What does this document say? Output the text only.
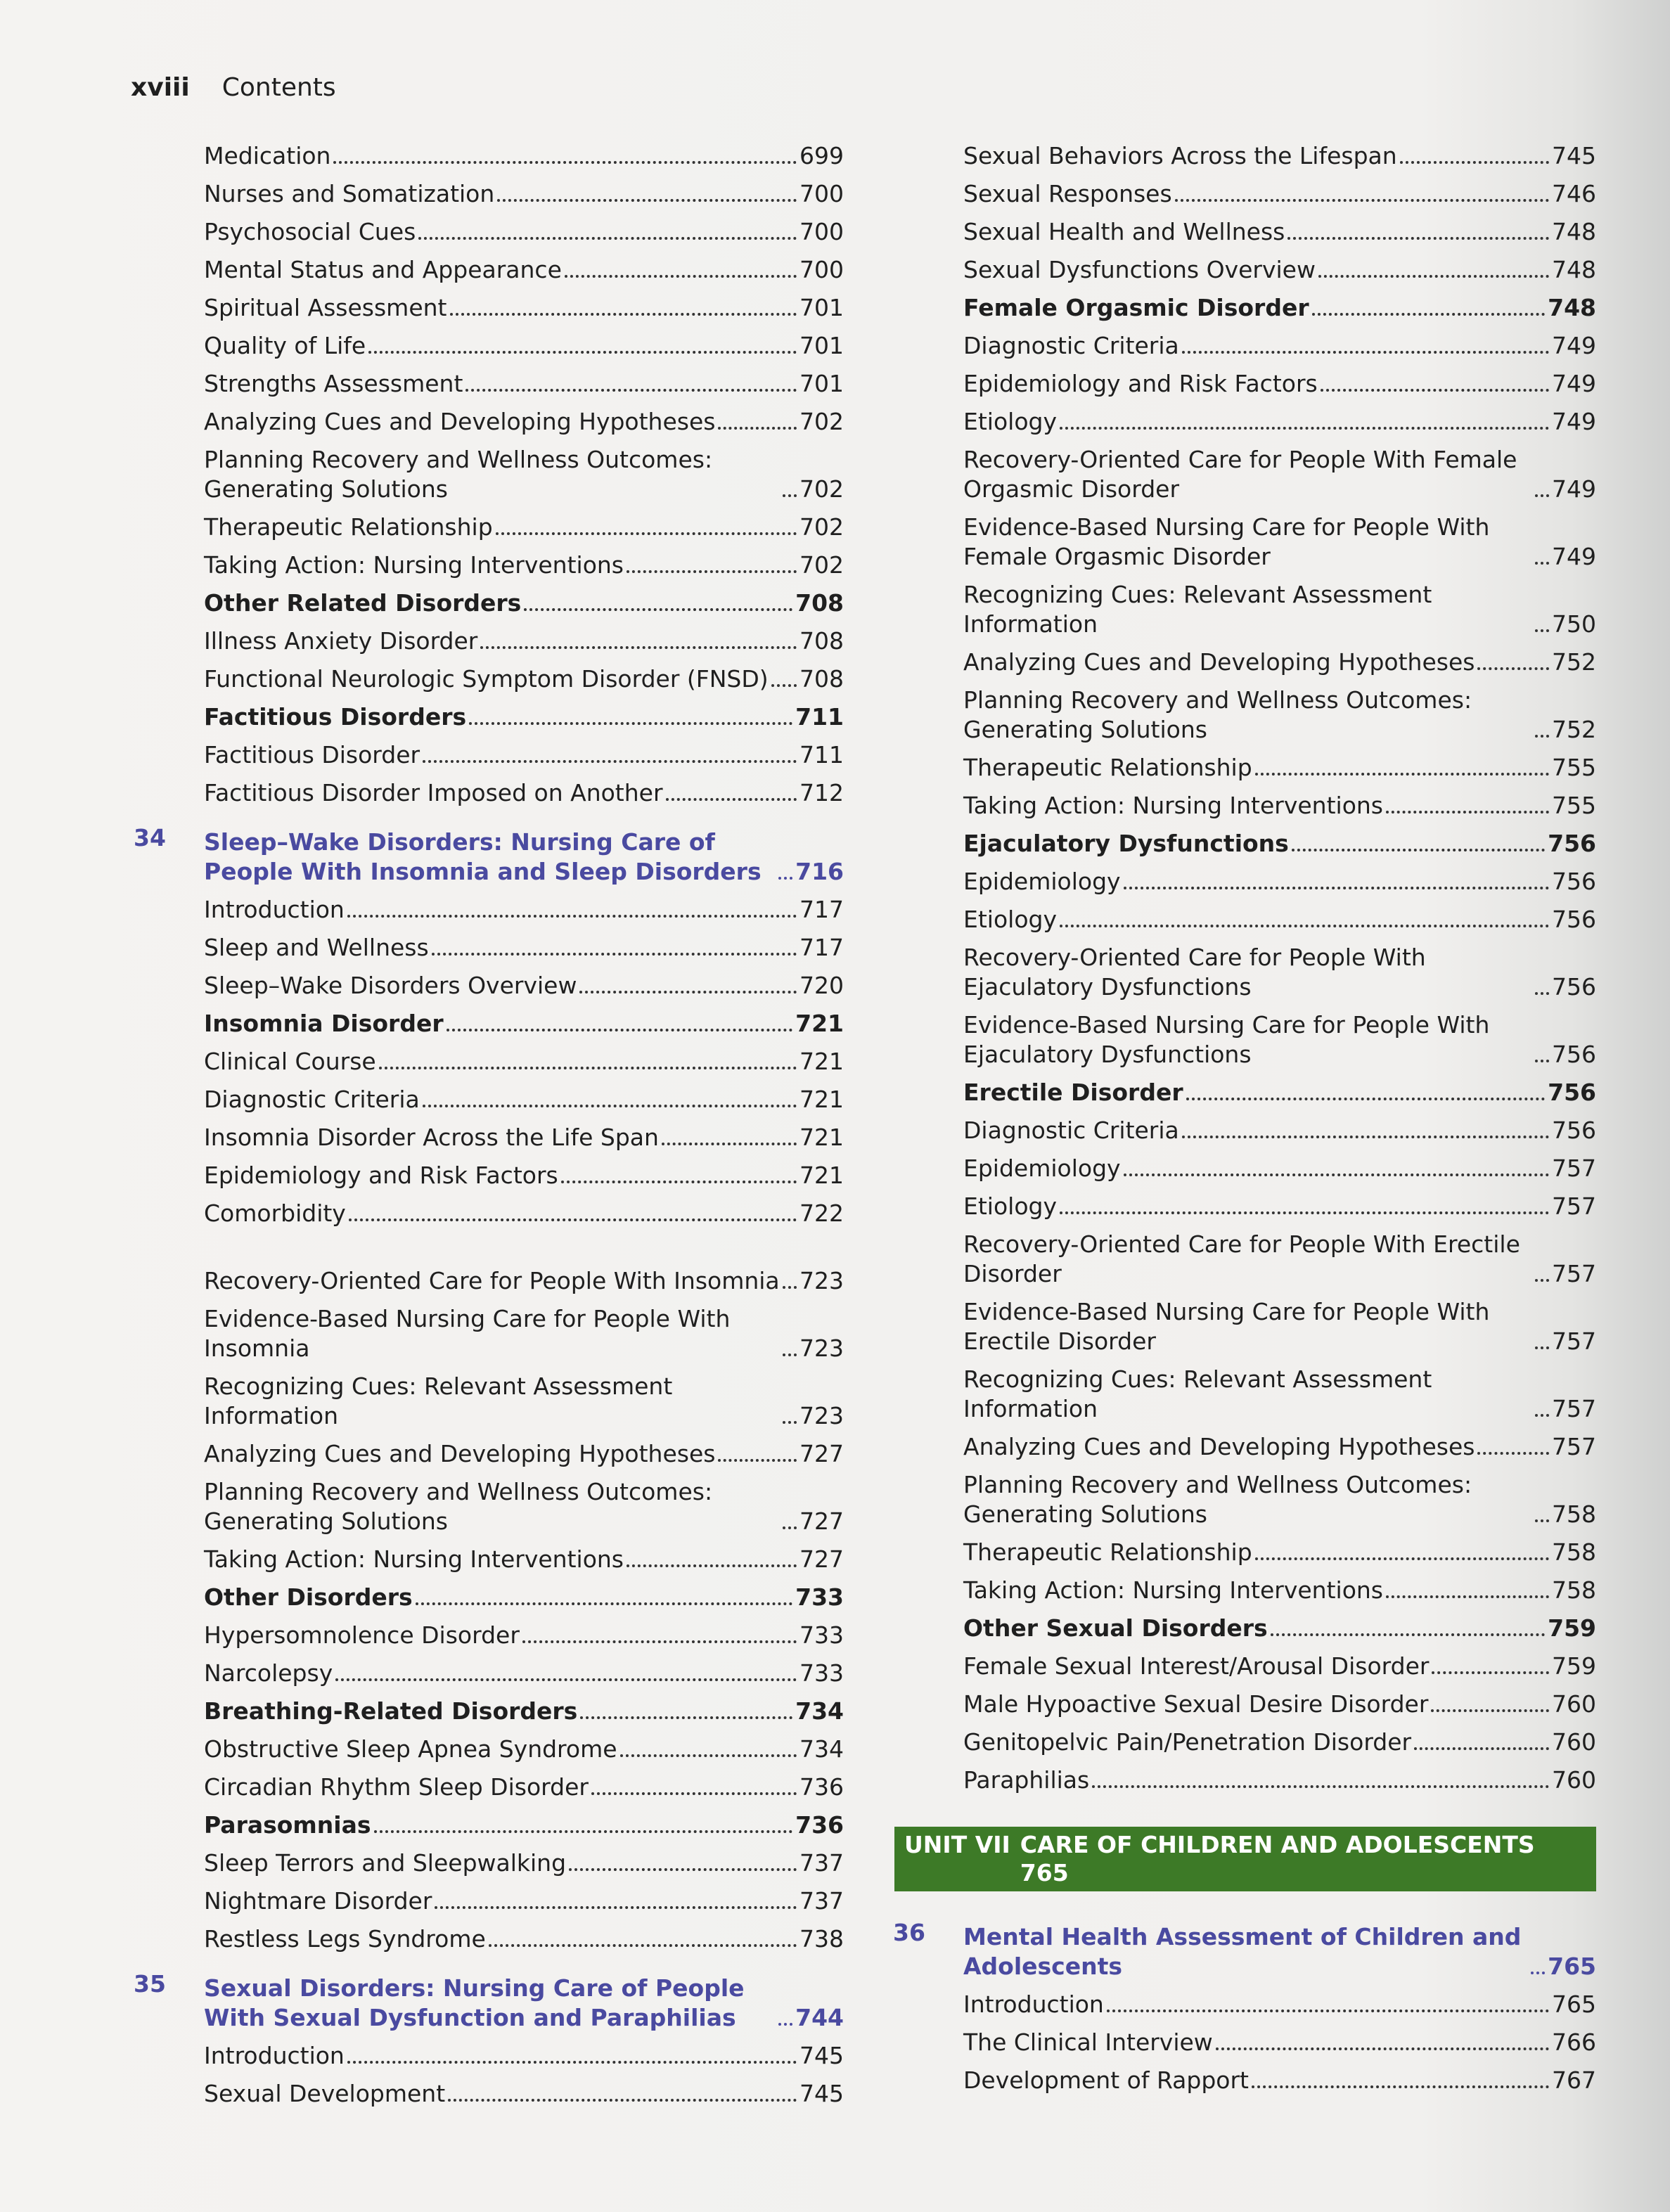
xviii Contents
Medication	699
Nurses and Somatization	700
Psychosocial Cues	700
Mental Status and Appearance	700
Spiritual Assessment	701
Quality of Life	701
Strengths Assessment	701
Analyzing Cues and Developing Hypotheses	702
Planning Recovery and Wellness Outcomes: Generating Solutions	702
Therapeutic Relationship	702
Taking Action: Nursing Interventions	702
Other Related Disorders	708
Illness Anxiety Disorder	708
Functional Neurologic Symptom Disorder (FNSD) 708
Factitious Disorders	711
Factitious Disorder	711
Factitious Disorder Imposed on Another	712
34	Sleep–Wake Disorders: Nursing Care of People With Insomnia and Sleep Disorders	716
Introduction	717
Sleep and Wellness	717
Sleep–Wake Disorders Overview	720
Insomnia Disorder	721
Clinical Course	721
Diagnostic Criteria	721
Insomnia Disorder Across the Life Span	721
Epidemiology and Risk Factors	721
Comorbidity	722
Recovery-Oriented Care for People With Insomnia 723
Evidence-Based Nursing Care for People With Insomnia	723
Recognizing Cues: Relevant Assessment Information	723
Analyzing Cues and Developing Hypotheses	727
Planning Recovery and Wellness Outcomes: Generating Solutions	727
Taking Action: Nursing Interventions	727
Other Disorders	733
Hypersomnolence Disorder	733
Narcolepsy	733
Breathing-Related Disorders	734
Obstructive Sleep Apnea Syndrome	734
Circadian Rhythm Sleep Disorder	736
Parasomnias	736
Sleep Terrors and Sleepwalking	737
Nightmare Disorder	737
Restless Legs Syndrome	738
35	Sexual Disorders: Nursing Care of People With Sexual Dysfunction and Paraphilias	744
Introduction	745
Sexual Development	745
Sexual Behaviors Across the Lifespan	745
Sexual Responses	746
Sexual Health and Wellness	748
Sexual Dysfunctions Overview	748
Female Orgasmic Disorder	748
Diagnostic Criteria	749
Epidemiology and Risk Factors	749
Etiology	749
Recovery-Oriented Care for People With Female Orgasmic Disorder	749
Evidence-Based Nursing Care for People With Female Orgasmic Disorder	749
Recognizing Cues: Relevant Assessment Information	750
Analyzing Cues and Developing Hypotheses	752
Planning Recovery and Wellness Outcomes: Generating Solutions	752
Therapeutic Relationship	755
Taking Action: Nursing Interventions	755
Ejaculatory Dysfunctions	756
Epidemiology	756
Etiology	756
Recovery-Oriented Care for People With Ejaculatory Dysfunctions	756
Evidence-Based Nursing Care for People With Ejaculatory Dysfunctions	756
Erectile Disorder	756
Diagnostic Criteria	756
Epidemiology	757
Etiology	757
Recovery-Oriented Care for People With Erectile Disorder	757
Evidence-Based Nursing Care for People With Erectile Disorder	757
Recognizing Cues: Relevant Assessment Information	757
Analyzing Cues and Developing Hypotheses	757
Planning Recovery and Wellness Outcomes: Generating Solutions	758
Therapeutic Relationship	758
Taking Action: Nursing Interventions	758
Other Sexual Disorders	759
Female Sexual Interest/Arousal Disorder	759
Male Hypoactive Sexual Desire Disorder	760
Genitopelvic Pain/Penetration Disorder	760
Paraphilias	760
UNIT VII CARE OF CHILDREN AND ADOLESCENTS 765
36	Mental Health Assessment of Children and Adolescents	765
Introduction	765
The Clinical Interview	766
Development of Rapport	767
